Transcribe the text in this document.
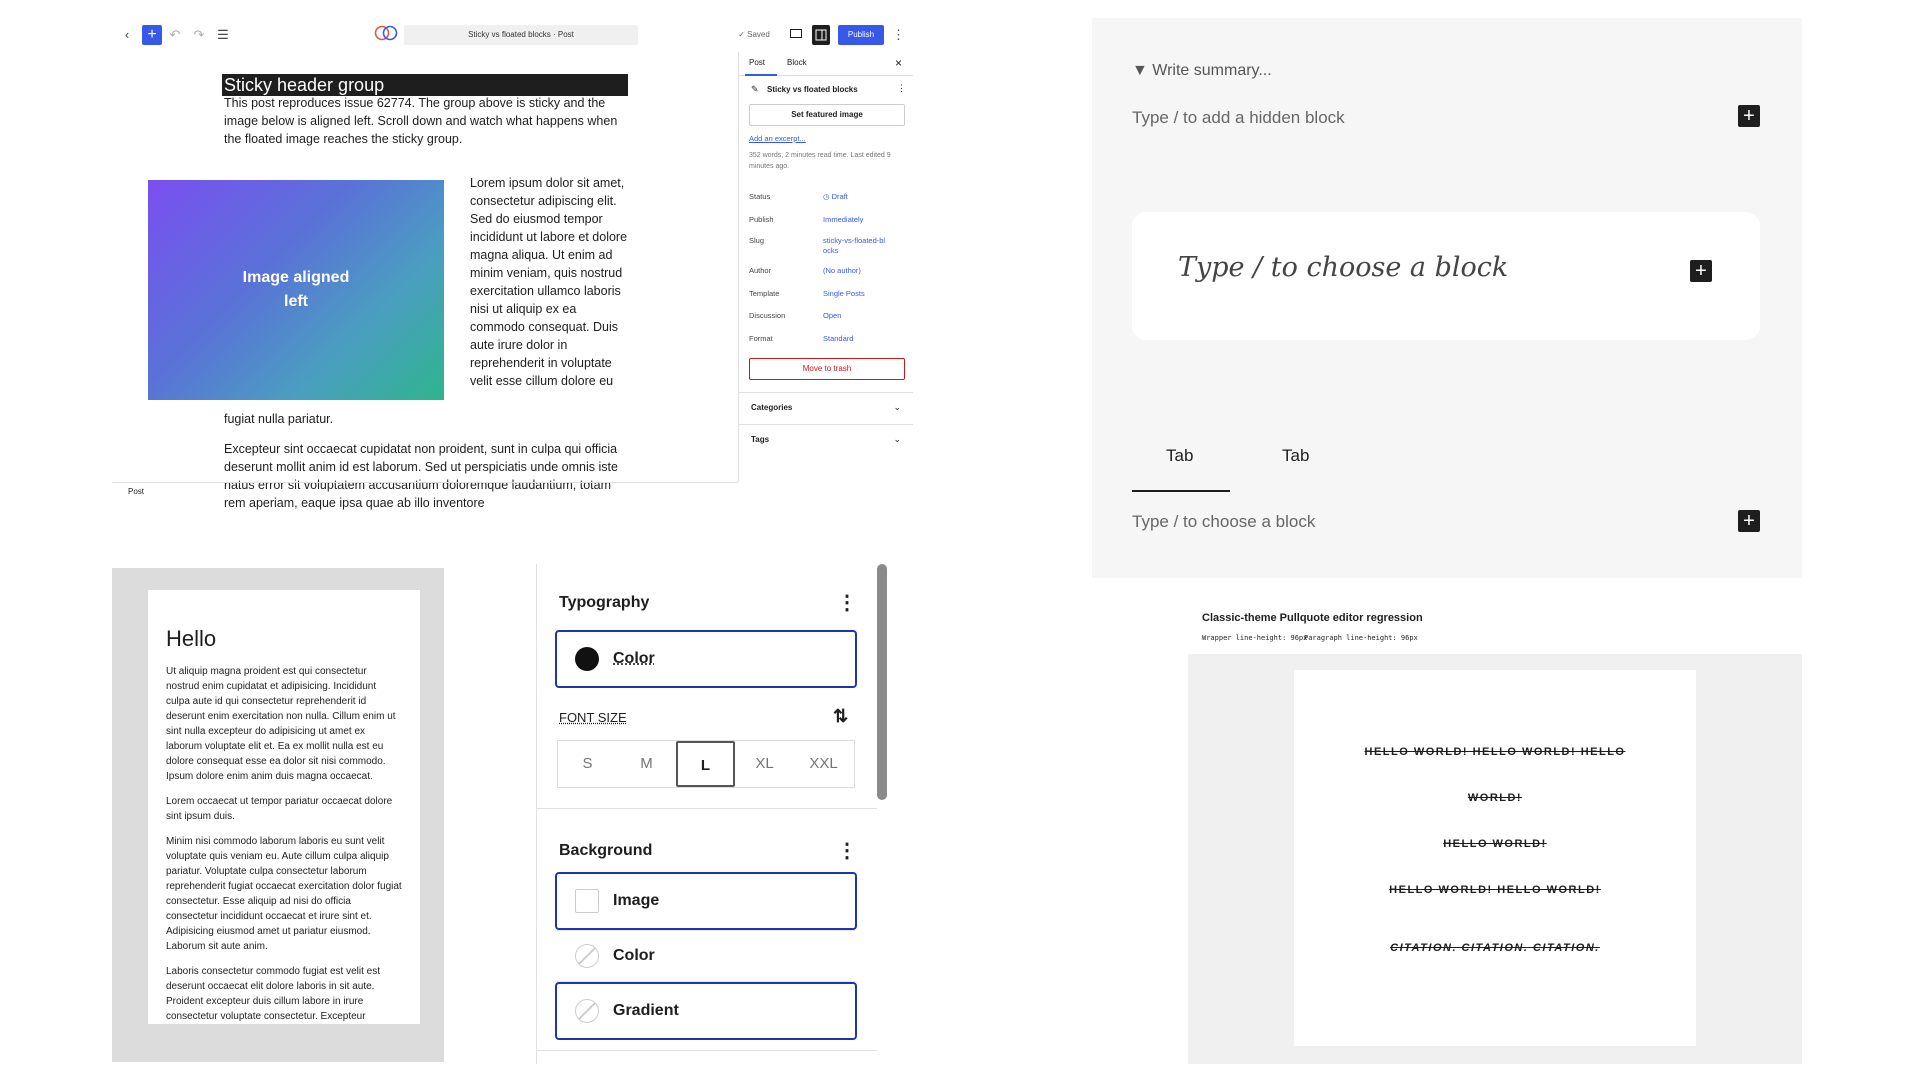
‹	+ ↶ ↷ ☰	Sticky vs floated blocks · Post	✓ Saved	Publish	⋮
Sticky header group
This post reproduces issue 62774. The group above is sticky and the image below is aligned left. Scroll down and watch what happens when the floated image reaches the sticky group.
Image aligned left
Lorem ipsum dolor sit amet, consectetur adipiscing elit. Sed do eiusmod tempor incididunt ut labore et dolore magna aliqua. Ut enim ad minim veniam, quis nostrud exercitation ullamco laboris nisi ut aliquip ex ea commodo consequat. Duis aute irure dolor in reprehenderit in voluptate velit esse cillum dolore eu
fugiat nulla pariatur.
Excepteur sint occaecat cupidatat non proident, sunt in culpa qui officia deserunt mollit anim id est laborum. Sed ut perspiciatis unde omnis iste natus error sit voluptatem accusantium doloremque laudantium, totam rem aperiam, eaque ipsa quae ab illo inventore
Post
Post	Block	×
✎ Sticky vs floated blocks	⋮
Set featured image
Add an excerpt...
352 words, 2 minutes read time. Last edited 9 minutes ago.
Status	◷ Draft
Publish	Immediately
Slug	sticky-vs-floated-blocks
Author	(No author)
Template	Single Posts
Discussion	Open
Format	Standard
Move to trash
Categories	⌄
Tags	⌄
▼ Write summary...
Type / to add a hidden block	+
Type / to choose a block	+
Tab	Tab
Type / to choose a block	+
Hello

Ut aliquip magna proident est qui consectetur nostrud enim cupidatat et adipisicing. Incididunt culpa aute id qui consectetur reprehenderit id deserunt enim exercitation non nulla. Cillum enim ut sint nulla excepteur do adipisicing ut amet ex laborum voluptate elit et. Ea ex mollit nulla est eu dolore consequat esse ea dolor sit nisi commodo. Ipsum dolore enim anim duis magna occaecat.

Lorem occaecat ut tempor pariatur occaecat dolore sint ipsum duis.

Minim nisi commodo laborum laboris eu sunt velit voluptate quis veniam eu. Aute cillum culpa aliquip pariatur. Voluptate culpa consectetur laborum reprehenderit fugiat occaecat exercitation dolor fugiat consectetur. Esse aliquip ad nisi do officia consectetur incididunt occaecat et irure sint et. Adipisicing eiusmod amet ut pariatur eiusmod. Laborum sit aute anim.

Laboris consectetur commodo fugiat est velit est deserunt occaecat elit dolore laboris in sit aute. Proident excepteur duis cillum labore in irure consectetur voluptate consectetur. Excepteur

Typography	⋮
Color
FONT SIZE	⇅
S	M	L	XL	XXL
Background	⋮
Image
Color
Gradient
Classic-theme Pullquote editor regression
Wrapper line-height: 96px
Paragraph line-height: 96px
HELLO WORLD! HELLO WORLD! HELLO
WORLD!
HELLO WORLD!
HELLO WORLD! HELLO WORLD!
CITATION. CITATION. CITATION.
